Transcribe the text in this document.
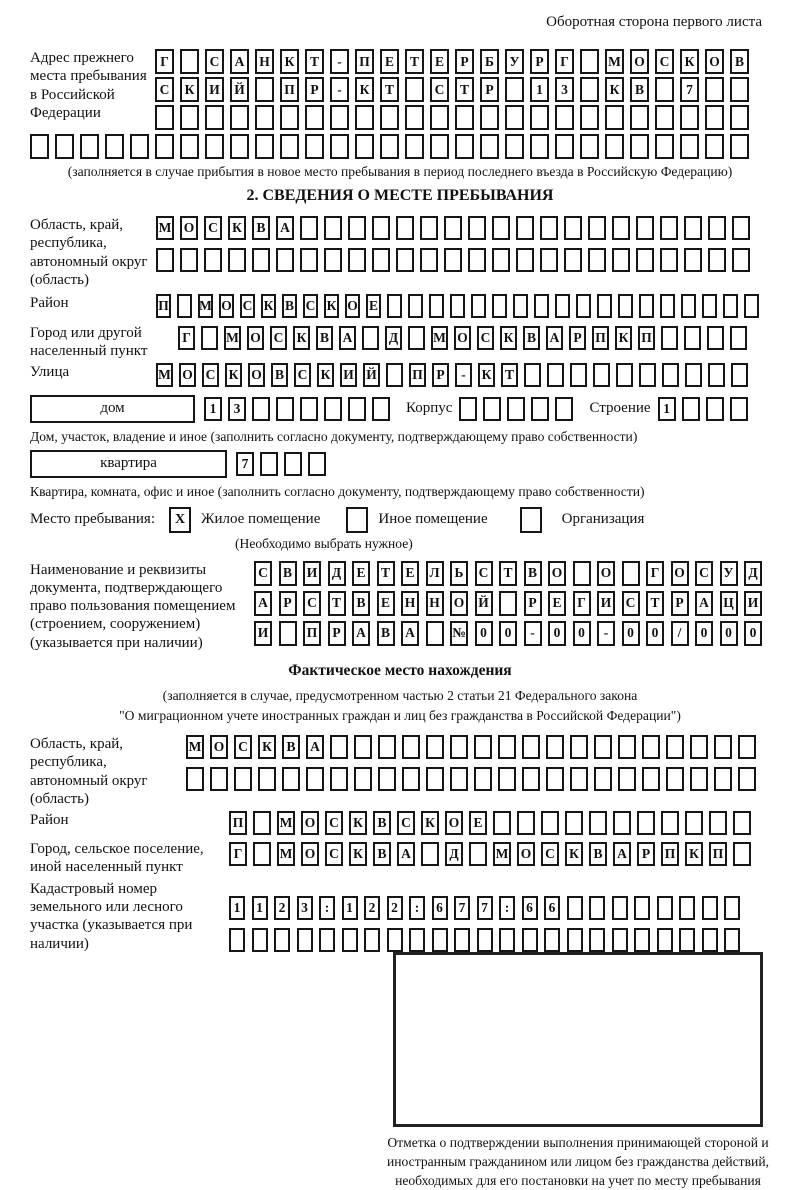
Оборотная сторона первого листа
Адрес прежнего места пребывания в Российской Федерации
Г	С	А	Н	К	Т	-	П	Е	Т	Е	Р	Б	У	Р	Г	М О	С	К	О	В
С	К	И	Й	П	Р	-	К	Т	С	Т	Р	1	3	К	В	7
(заполняется в случае прибытия в новое место пребывания в период последнего въезда в Российскую Федерацию)
2. СВЕДЕНИЯ О МЕСТЕ ПРЕБЫВАНИЯ
Область, край, республика, автономный округ (область)
М О	С	К	В	А
Район	П М О С К В С К О Е
Город или другой населенный пункт
Г	М О С К В А	Д	М О С К В А	Р	П К П
Улица	М О С К О В С К И Й	П	Р	-	К Т
дом	1	3	Корпус	Строение 1
Дом, участок, владение и иное (заполнить согласно документу, подтверждающему право собственности)
квартира	7
Квартира, комната, офис и иное (заполнить согласно документу, подтверждающему право собственности)
Место пребывания:	X	Жилое помещение	Иное помещение	Организация
(Необходимо выбрать нужное)
Наименование и реквизиты документа, подтверждающего право пользования помещением (строением, сооружением) (указывается при наличии)
С	В	И	Д	Е	Т	Е	Л	Ь	С	Т	В	О	О	Г	О	С	У	Д
А	Р	С	Т	В	Е	Н Н О Й	Р	Е	Г	И	С	Т	Р	А	Ц И
И	П	Р	А	В	А	№	0	0	-	0	0	-	0	0	/	0	0	0
Фактическое место нахождения
(заполняется в случае, предусмотренном частью 2 статьи 21 Федерального закона
"О миграционном учете иностранных граждан и лиц без гражданства в Российской Федерации")
Область, край, республика, автономный округ (область)
М О	С	К	В	А
Район	П	М О	С	К	В	С	К	О	Е
Город, сельское поселение, иной населенный пункт
Г	М О	С	К	В	А	Д	М О	С	К	В	А	Р	П	К	П
Кадастровый номер земельного или лесного участка (указывается при наличии)
1	1	2	3	:	1	2	2	:	6	7	7	:	6	6
Отметка о подтверждении выполнения принимающей стороной и иностранным гражданином или лицом без гражданства действий, необходимых для его постановки на учет по месту пребывания
